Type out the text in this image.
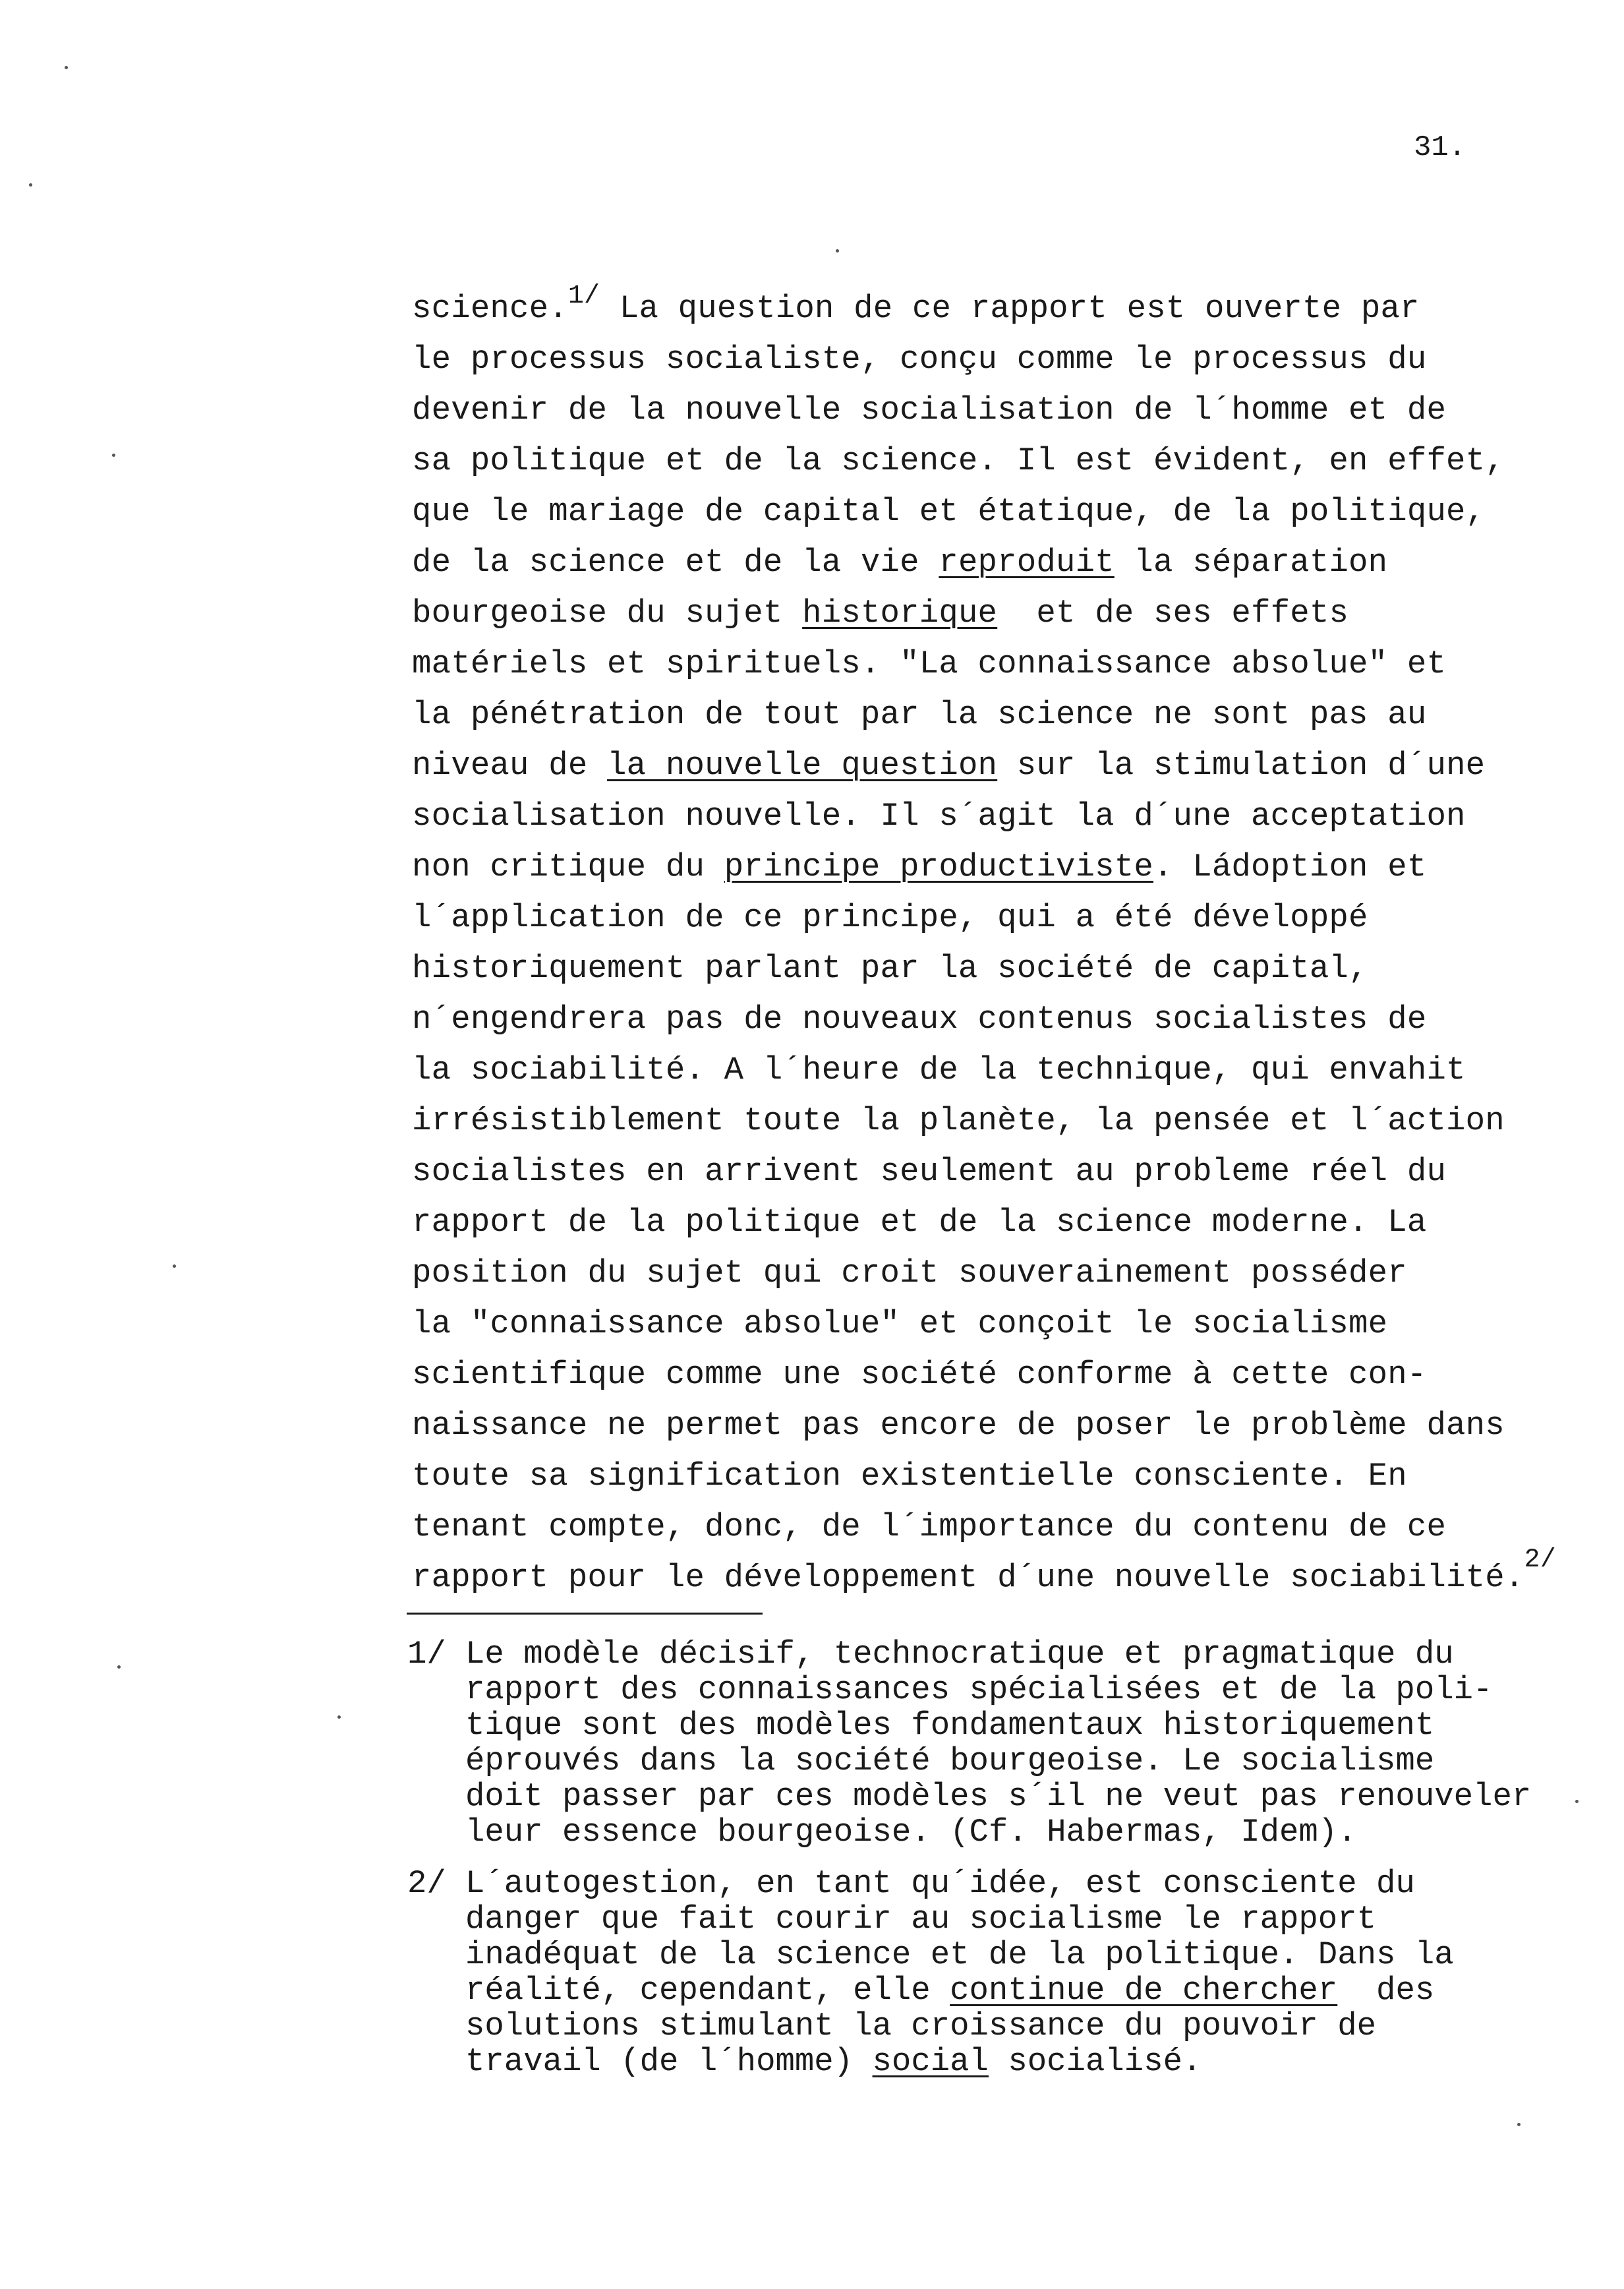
31.
science.$^{1/}$ La question de ce rapport est ouverte par
le processus socialiste, conçu comme le processus du
devenir de la nouvelle socialisation de l´homme et de
sa politique et de la science. Il est évident, en effet,
que le mariage de capital et étatique, de la politique,
de la science et de la vie reproduit la séparation
bourgeoise du sujet historique  et de ses effets
matériels et spirituels. "La connaissance absolue" et
la pénétration de tout par la science ne sont pas au
niveau de la nouvelle question sur la stimulation d´une
socialisation nouvelle. Il s´agit la d´une acceptation
non critique du principe productiviste. Ládoption et
l´application de ce principe, qui a été développé
historiquement parlant par la société de capital,
n´engendrera pas de nouveaux contenus socialistes de
la sociabilité. A l´heure de la technique, qui envahit
irrésistiblement toute la planète, la pensée et l´action
socialistes en arrivent seulement au probleme réel du
rapport de la politique et de la science moderne. La
position du sujet qui croit souverainement posséder
la "connaissance absolue" et conçoit le socialisme
scientifique comme une société conforme à cette con-
naissance ne permet pas encore de poser le problème dans
toute sa signification existentielle consciente. En
tenant compte, donc, de l´importance du contenu de ce
rapport pour le développement d´une nouvelle sociabilité.$^{2/}$
1/ Le modèle décisif, technocratique et pragmatique du
rapport des connaissances spécialisées et de la poli-
tique sont des modèles fondamentaux historiquement
éprouvés dans la société bourgeoise. Le socialisme
doit passer par ces modèles s´il ne veut pas renouveler
leur essence bourgeoise. (Cf. Habermas, Idem).
2/ L´autogestion, en tant qu´idée, est consciente du
danger que fait courir au socialisme le rapport
inadéquat de la science et de la politique. Dans la
réalité, cependant, elle continue de chercher  des
solutions stimulant la croissance du pouvoir de
travail (de l´homme) social socialisé.
